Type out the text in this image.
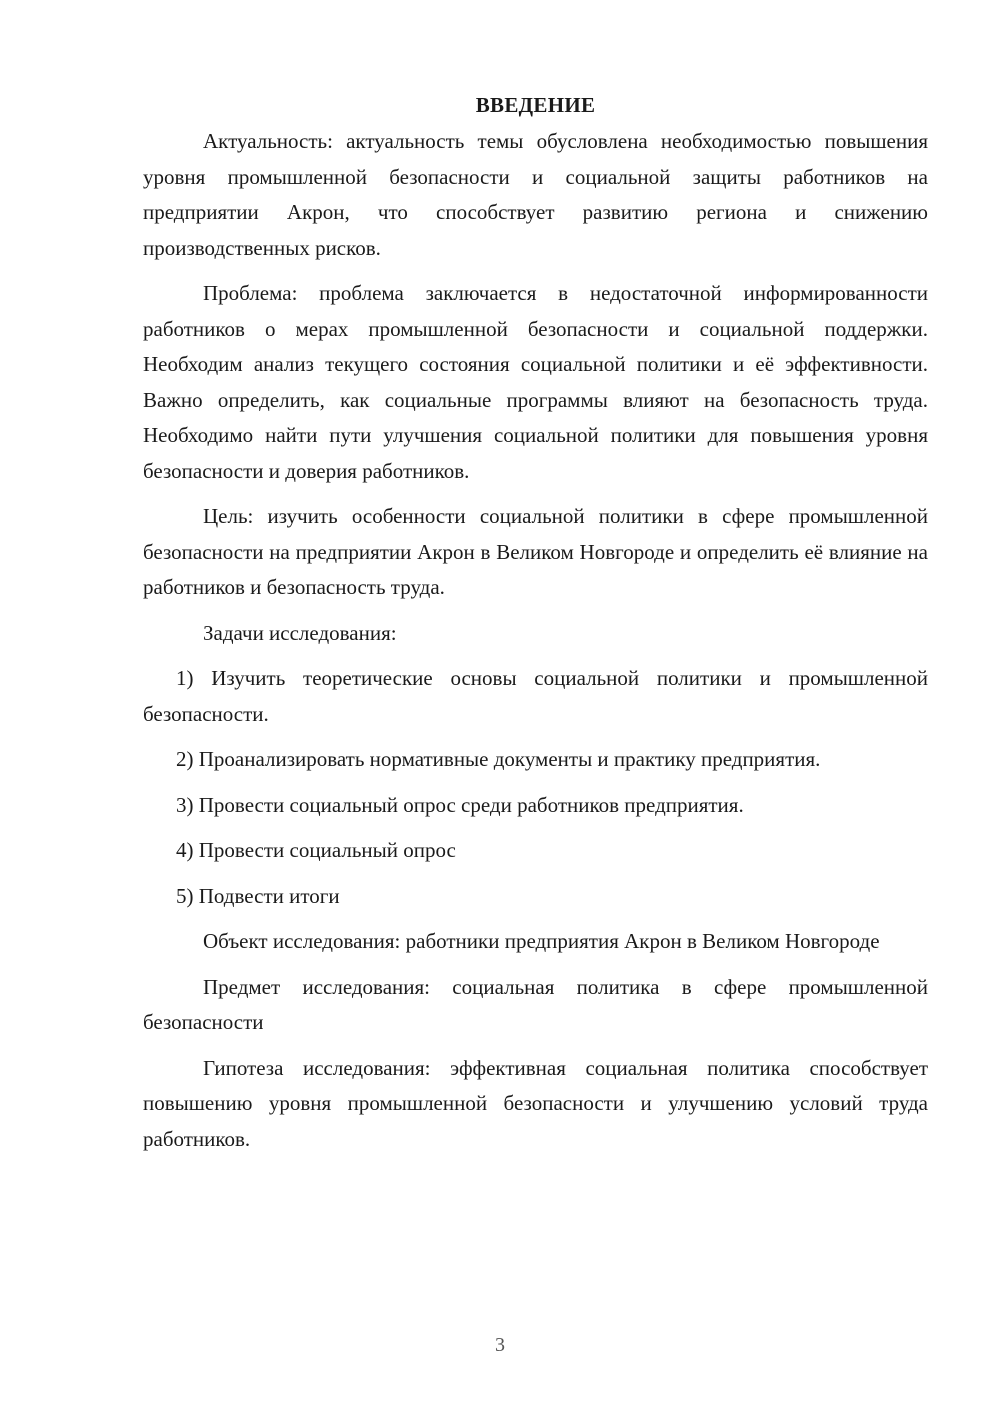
ВВЕДЕНИЕ

Актуальность: актуальность темы обусловлена необходимостью повышения уровня промышленной безопасности и социальной защиты работников на предприятии Акрон, что способствует развитию региона и снижению производственных рисков.

Проблема: проблема заключается в недостаточной информированности работников о мерах промышленной безопасности и социальной поддержки. Необходим анализ текущего состояния социальной политики и её эффективности. Важно определить, как социальные программы влияют на безопасность труда. Необходимо найти пути улучшения социальной политики для повышения уровня безопасности и доверия работников.

Цель: изучить особенности социальной политики в сфере промышленной безопасности на предприятии Акрон в Великом Новгороде и определить её влияние на работников и безопасность труда.

Задачи исследования:

1) Изучить теоретические основы социальной политики и промышленной безопасности.

2) Проанализировать нормативные документы и практику предприятия.

3) Провести социальный опрос среди работников предприятия.

4) Провести социальный опрос

5) Подвести итоги

Объект исследования: работники предприятия Акрон в Великом Новгороде

Предмет исследования: социальная политика в сфере промышленной безопасности

Гипотеза исследования: эффективная социальная политика способствует повышению уровня промышленной безопасности и улучшению условий труда работников.

3
